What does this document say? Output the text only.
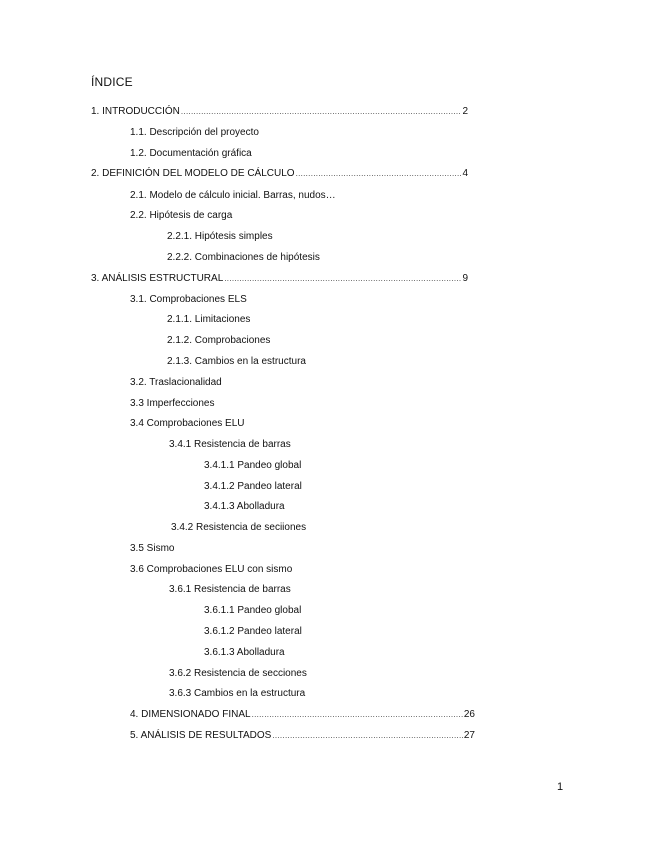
ÍNDICE
1. INTRODUCCIÓN .....	2
1.1. Descripción del proyecto
1.2. Documentación gráfica
2. DEFINICIÓN DEL MODELO DE CÁLCULO .....	4
2.1. Modelo de cálculo inicial. Barras, nudos…
2.2. Hipótesis de carga
2.2.1. Hipótesis simples
2.2.2. Combinaciones de hipótesis
3. ANÁLISIS ESTRUCTURAL .....	9
3.1. Comprobaciones ELS
2.1.1. Limitaciones
2.1.2. Comprobaciones
2.1.3. Cambios en la estructura
3.2. Traslacionalidad
3.3 Imperfecciones
3.4 Comprobaciones ELU
3.4.1 Resistencia de barras
3.4.1.1 Pandeo global
3.4.1.2 Pandeo lateral
3.4.1.3 Abolladura
3.4.2 Resistencia de seciiones
3.5 Sismo
3.6 Comprobaciones ELU con sismo
3.6.1 Resistencia de barras
3.6.1.1 Pandeo global
3.6.1.2 Pandeo lateral
3.6.1.3 Abolladura
3.6.2 Resistencia de secciones
3.6.3 Cambios en la estructura
4. DIMENSIONADO FINAL .....	26
5. ANÁLISIS DE RESULTADOS .....	27
1
